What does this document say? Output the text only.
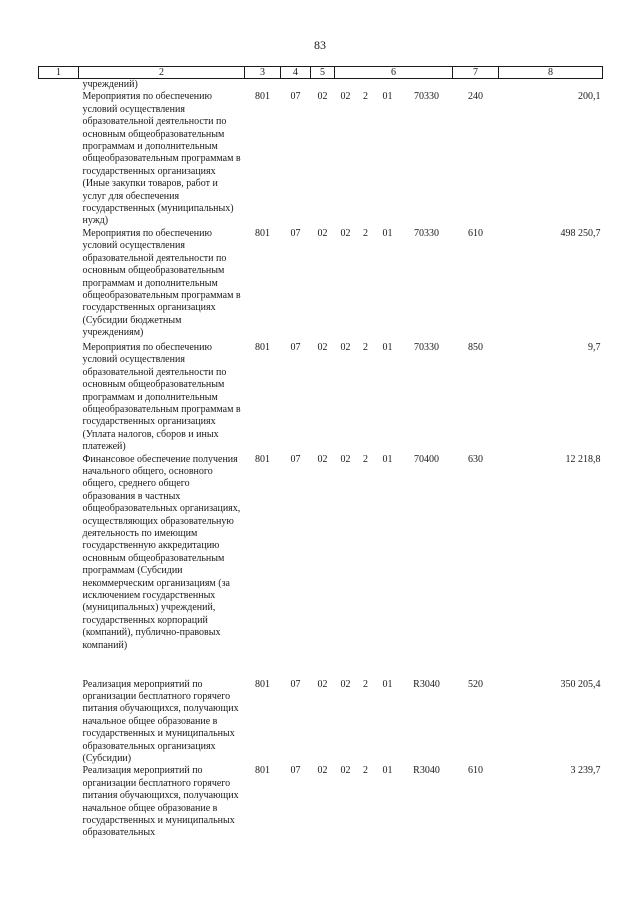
83
1	2	3	4	5	6				7	8
учреждений)										
Мероприятия по обеспечению условий осуществления образовательной деятельности по основным общеобразовательным программам и дополнительным общеобразовательным программам в государственных организациях (Иные закупки товаров, работ и услуг для обеспечения государственных (муниципальных) нужд)		801	07	02	02	2	01	70330	240	200,1
Мероприятия по обеспечению условий осуществления образовательной деятельности по основным общеобразовательным программам и дополнительным общеобразовательным программам в государственных организациях (Субсидии бюджетным учреждениям)		801	07	02	02	2	01	70330	610	498 250,7
Мероприятия по обеспечению условий осуществления образовательной деятельности по основным общеобразовательным программам и дополнительным общеобразовательным программам в государственных организациях (Уплата налогов, сборов и иных платежей)		801	07	02	02	2	01	70330	850	9,7
Финансовое обеспечение получения начального общего, основного общего, среднего общего образования в частных общеобразовательных организациях, осуществляющих образовательную деятельность по имеющим государственную аккредитацию основным общеобразовательным программам (Субсидии некоммерческим организациям (за исключением государственных (муниципальных) учреждений, государственных корпораций (компаний), публично-правовых компаний)		801	07	02	02	2	01	70400	630	12 218,8
Реализация мероприятий по организации бесплатного горячего питания обучающихся, получающих начальное общее образование в государственных и муниципальных образовательных организациях (Субсидии)		801	07	02	02	2	01	R3040	520	350 205,4
Реализация мероприятий по организации бесплатного горячего питания обучающихся, получающих начальное общее образование в государственных и муниципальных образовательных		801	07	02	02	2	01	R3040	610	3 239,7
